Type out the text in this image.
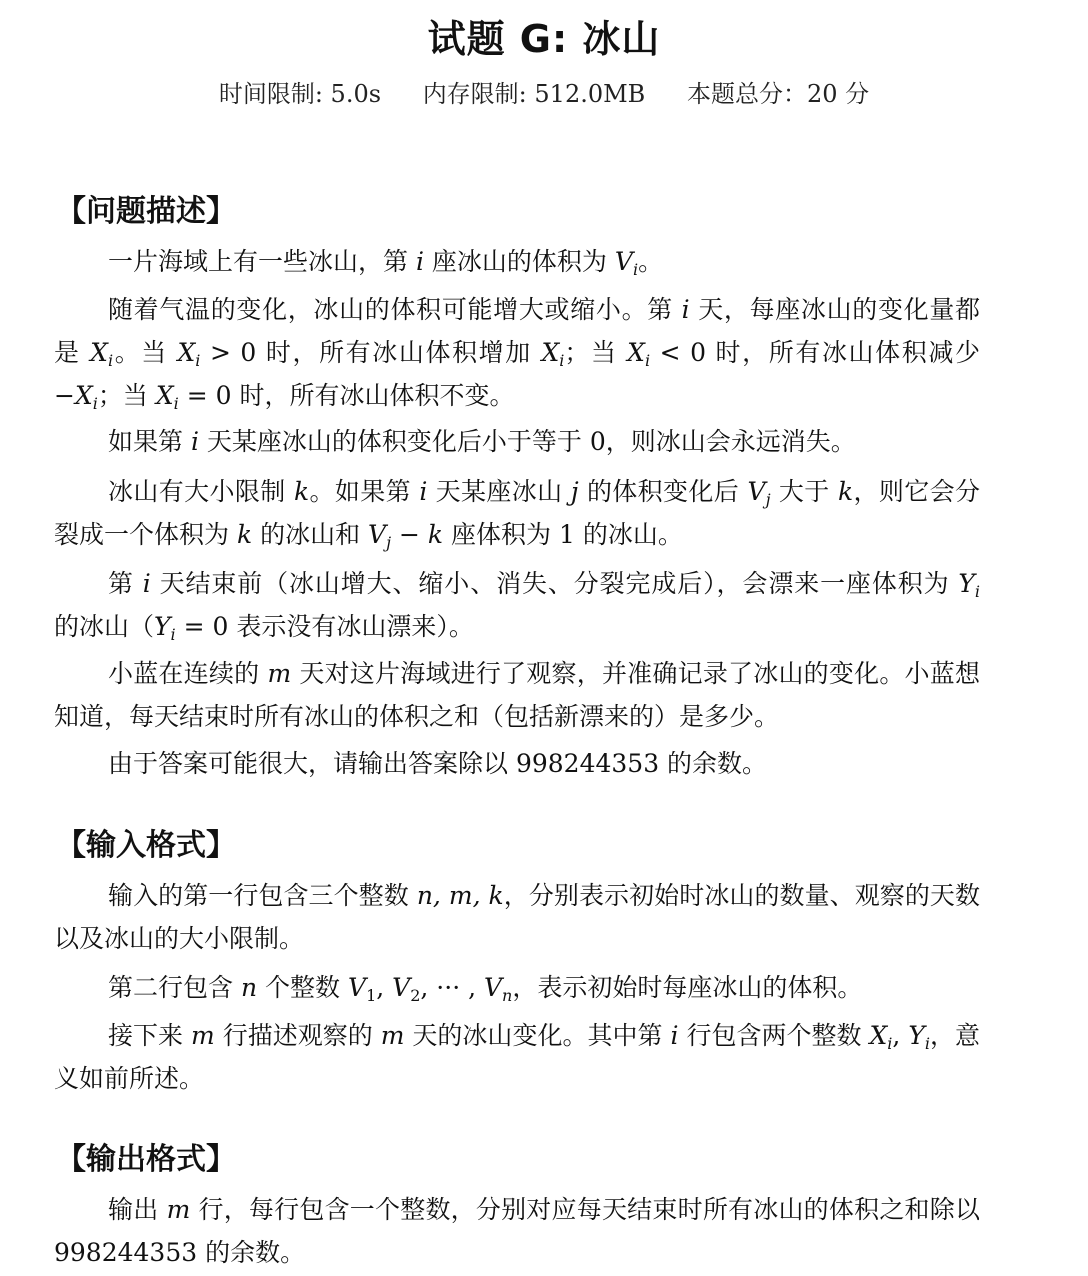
试题 G: 冰山
时间限制: 5.0s 内存限制: 512.0MB 本题总分：20 分
【问题描述】
一片海域上有一些冰山，第 i 座冰山的体积为 $V_i$。
随着气温的变化，冰山的体积可能增大或缩小。第 i 天，每座冰山的变化量都是 $X_i$。当 $X_i > 0$ 时，所有冰山体积增加 $X_i$；当 $X_i < 0$ 时，所有冰山体积减少 $-X_i$；当 $X_i = 0$ 时，所有冰山体积不变。
如果第 i 天某座冰山的体积变化后小于等于 0，则冰山会永远消失。
冰山有大小限制 k。如果第 i 天某座冰山 j 的体积变化后 $V_j$ 大于 k，则它会分裂成一个体积为 k 的冰山和 $V_j - k$ 座体积为 1 的冰山。
第 i 天结束前（冰山增大、缩小、消失、分裂完成后），会漂来一座体积为 $Y_i$ 的冰山（$Y_i = 0$ 表示没有冰山漂来）。
小蓝在连续的 m 天对这片海域进行了观察，并准确记录了冰山的变化。小蓝想知道，每天结束时所有冰山的体积之和（包括新漂来的）是多少。
由于答案可能很大，请输出答案除以 998244353 的余数。
【输入格式】
输入的第一行包含三个整数 n, m, k，分别表示初始时冰山的数量、观察的天数以及冰山的大小限制。
第二行包含 n 个整数 $V_1$, $V_2$, ··· , $V_n$，表示初始时每座冰山的体积。
接下来 m 行描述观察的 m 天的冰山变化。其中第 i 行包含两个整数 $X_i$, $Y_i$，意义如前所述。
【输出格式】
输出 m 行，每行包含一个整数，分别对应每天结束时所有冰山的体积之和除以 998244353 的余数。
